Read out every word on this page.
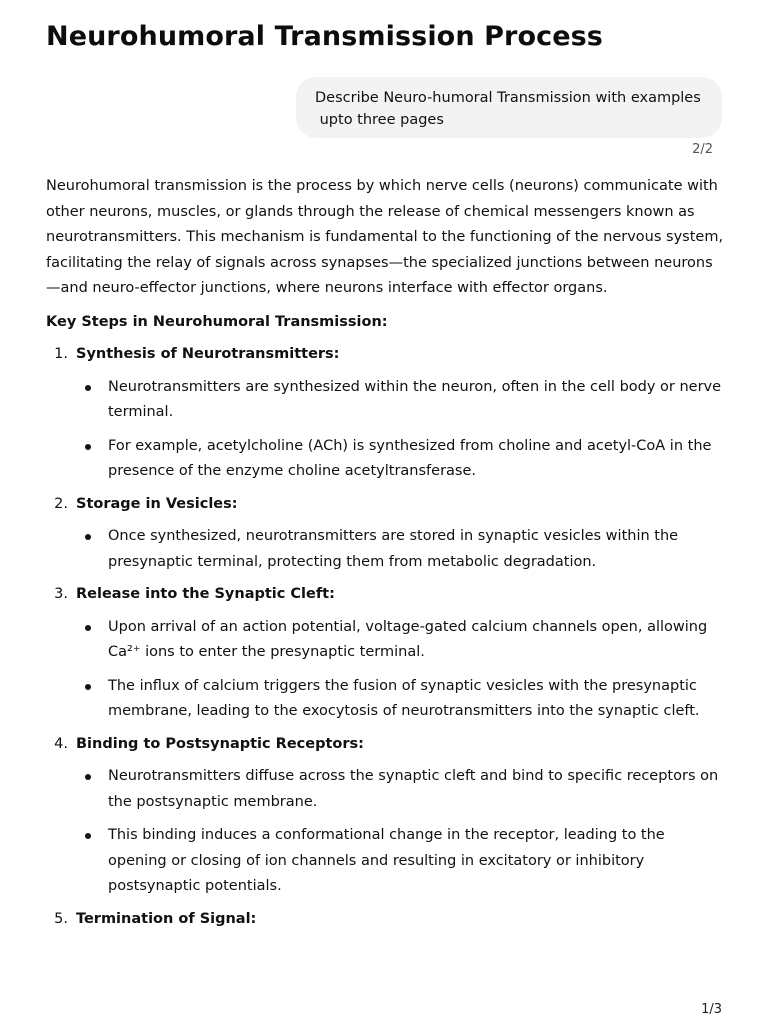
Neurohumoral Transmission Process
Describe Neuro-humoral Transmission with examples
upto three pages
2/2

Neurohumoral transmission is the process by which nerve cells (neurons) communicate with other neurons, muscles, or glands through the release of chemical messengers known as neurotransmitters. This mechanism is fundamental to the functioning of the nervous system, facilitating the relay of signals across synapses—the specialized junctions between neurons—and neuro-effector junctions, where neurons interface with effector organs.

Key Steps in Neurohumoral Transmission:

1. Synthesis of Neurotransmitters:
Neurotransmitters are synthesized within the neuron, often in the cell body or nerve terminal.
For example, acetylcholine (ACh) is synthesized from choline and acetyl-CoA in the presence of the enzyme choline acetyltransferase.
2. Storage in Vesicles:
Once synthesized, neurotransmitters are stored in synaptic vesicles within the presynaptic terminal, protecting them from metabolic degradation.
3. Release into the Synaptic Cleft:
Upon arrival of an action potential, voltage-gated calcium channels open, allowing Ca²⁺ ions to enter the presynaptic terminal.
The influx of calcium triggers the fusion of synaptic vesicles with the presynaptic membrane, leading to the exocytosis of neurotransmitters into the synaptic cleft.
4. Binding to Postsynaptic Receptors:
Neurotransmitters diffuse across the synaptic cleft and bind to specific receptors on the postsynaptic membrane.
This binding induces a conformational change in the receptor, leading to the opening or closing of ion channels and resulting in excitatory or inhibitory postsynaptic potentials.
5. Termination of Signal:
1/3
